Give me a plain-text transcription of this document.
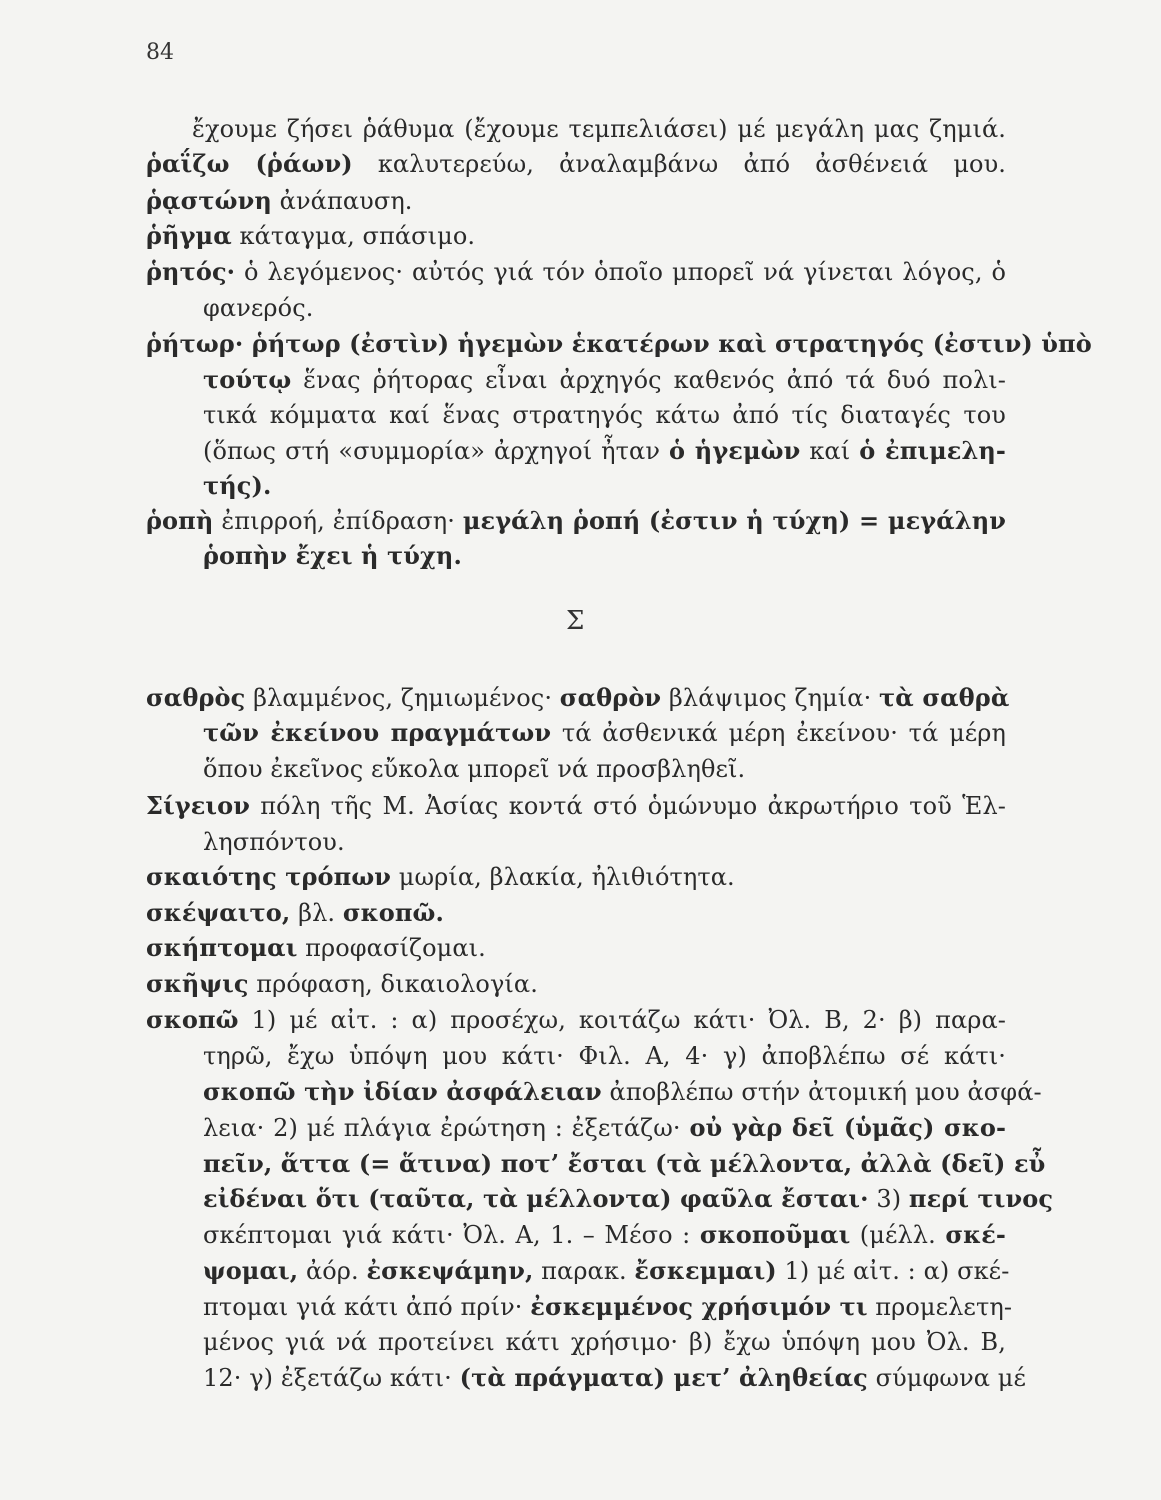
84
ἔχουμε ζήσει ῥάθυμα (ἔχουμε τεμπελιάσει) μέ μεγάλη μας ζημιά.
ῥαΐζω (ῥάων) καλυτερεύω, ἀναλαμβάνω ἀπό ἀσθένειά μου.
ῥᾳστώνη ἀνάπαυση.
ῥῆγμα κάταγμα, σπάσιμο.
ῥητός· ὁ λεγόμενος· αὐτός γιά τόν ὁποῖο μπορεῖ νά γίνεται λόγος, ὁ
φανερός.
ῥήτωρ· ῥήτωρ (ἐστὶν) ἡγεμὼν ἑκατέρων καὶ στρατηγός (ἐστιν) ὑπὸ
τούτῳ ἕνας ῥήτορας εἶναι ἀρχηγός καθενός ἀπό τά δυό πολι-
τικά κόμματα καί ἕνας στρατηγός κάτω ἀπό τίς διαταγές του
(ὅπως στή «συμμορία» ἀρχηγοί ἦταν ὁ ἡγεμὼν καί ὁ ἐπιμελη-
τής).
ῥοπὴ ἐπιρροή, ἐπίδραση· μεγάλη ῥοπή (ἐστιν ἡ τύχη) = μεγάλην
ῥοπὴν ἔχει ἡ τύχη.
Σ
σαθρὸς βλαμμένος, ζημιωμένος· σαθρὸν βλάψιμος ζημία· τὰ σαθρὰ
τῶν ἐκείνου πραγμάτων τά ἀσθενικά μέρη ἐκείνου· τά μέρη
ὅπου ἐκεῖνος εὔκολα μπορεῖ νά προσβληθεῖ.
Σίγειον πόλη τῆς Μ. Ἀσίας κοντά στό ὁμώνυμο ἀκρωτήριο τοῦ Ἑλ-
λησπόντου.
σκαιότης τρόπων μωρία, βλακία, ἠλιθιότητα.
σκέψαιτο, βλ. σκοπῶ.
σκήπτομαι προφασίζομαι.
σκῆψις πρόφαση, δικαιολογία.
σκοπῶ 1) μέ αἰτ. : α) προσέχω, κοιτάζω κάτι· Ὀλ. Β, 2· β) παρα-
τηρῶ, ἔχω ὑπόψη μου κάτι· Φιλ. Α, 4· γ) ἀποβλέπω σέ κάτι·
σκοπῶ τὴν ἰδίαν ἀσφάλειαν ἀποβλέπω στήν ἀτομική μου ἀσφά-
λεια· 2) μέ πλάγια ἐρώτηση : ἐξετάζω· οὐ γὰρ δεῖ (ὑμᾶς) σκο-
πεῖν, ἅττα (= ἅτινα) ποτ’ ἔσται (τὰ μέλλοντα, ἀλλὰ (δεῖ) εὖ
εἰδέναι ὅτι (ταῦτα, τὰ μέλλοντα) φαῦλα ἔσται· 3) περί τινος
σκέπτομαι γιά κάτι· Ὀλ. Α, 1. – Μέσο : σκοποῦμαι (μέλλ. σκέ-
ψομαι, ἀόρ. ἐσκεψάμην, παρακ. ἔσκεμμαι) 1) μέ αἰτ. : α) σκέ-
πτομαι γιά κάτι ἀπό πρίν· ἐσκεμμένος χρήσιμόν τι προμελετη-
μένος γιά νά προτείνει κάτι χρήσιμο· β) ἔχω ὑπόψη μου Ὀλ. Β,
12· γ) ἐξετάζω κάτι· (τὰ πράγματα) μετ’ ἀληθείας σύμφωνα μέ
